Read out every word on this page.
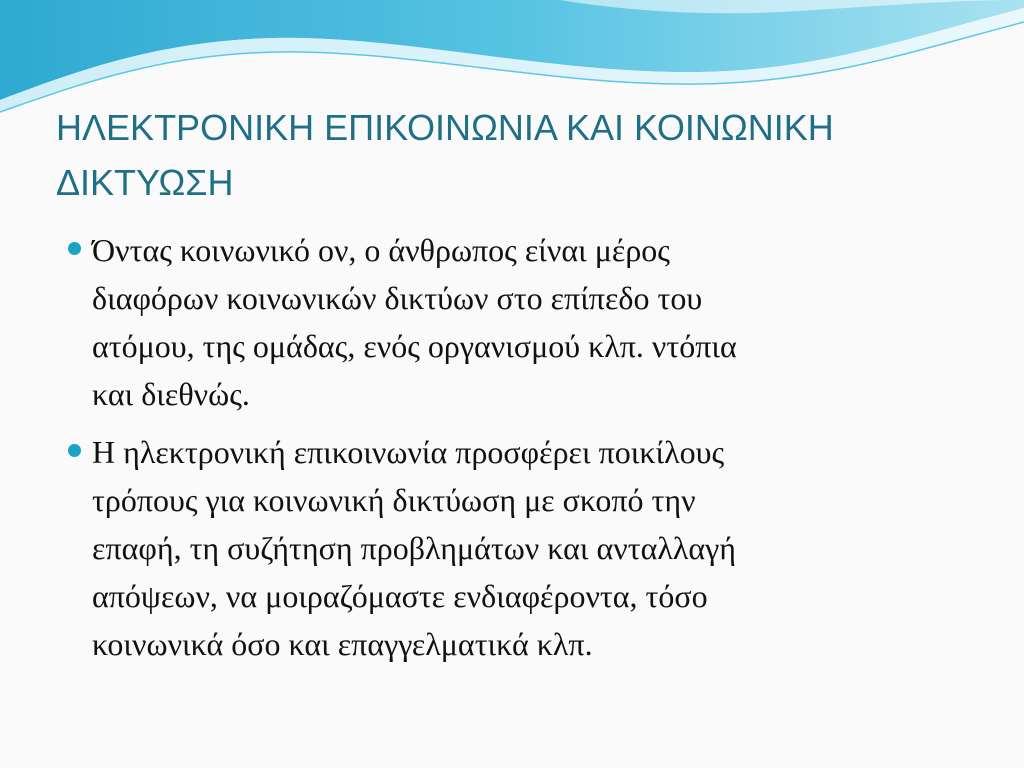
ΗΛΕΚΤΡΟΝΙΚΗ ΕΠΙΚΟΙΝΩΝΙΑ ΚΑΙ ΚΟΙΝΩΝΙΚΗ
ΔΙΚΤΥΩΣΗ
Όντας κοινωνικό ον, ο άνθρωπος είναι μέρος
διαφόρων κοινωνικών δικτύων στο επίπεδο του
ατόμου, της ομάδας, ενός οργανισμού κλπ. ντόπια
και διεθνώς.
Η ηλεκτρονική επικοινωνία προσφέρει ποικίλους
τρόπους για κοινωνική δικτύωση με σκοπό την
επαφή, τη συζήτηση προβλημάτων και ανταλλαγή
απόψεων, να μοιραζόμαστε ενδιαφέροντα, τόσο
κοινωνικά όσο και επαγγελματικά κλπ.
